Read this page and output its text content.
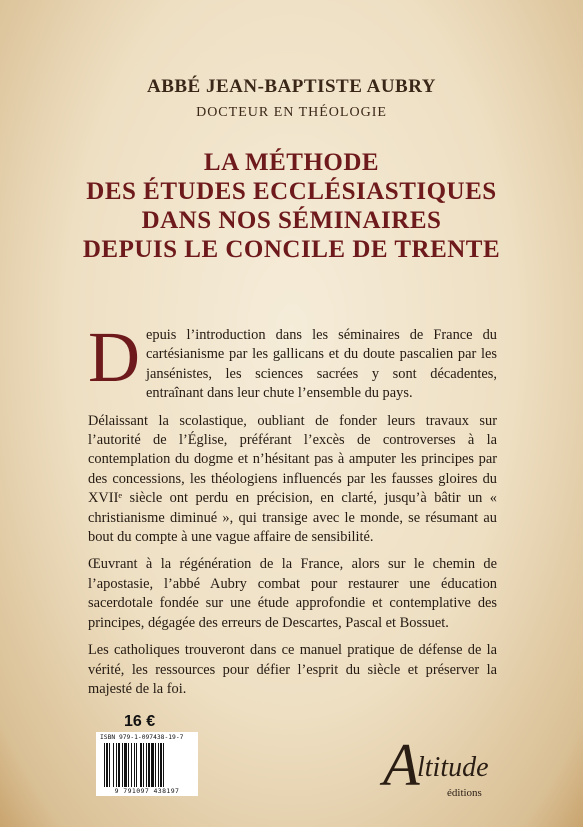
ABBÉ JEAN-BAPTISTE AUBRY
DOCTEUR EN THÉOLOGIE
LA MÉTHODE
DES ÉTUDES ECCLÉSIASTIQUES
DANS NOS SÉMINAIRES
DEPUIS LE CONCILE DE TRENTE

Depuis l’introduction dans les séminaires de France du cartésianisme par les gallicans et du doute pascalien par les jansénistes, les sciences sacrées y sont décadentes, entraînant dans leur chute l’ensemble du pays.

Délaissant la scolastique, oubliant de fonder leurs travaux sur l’autorité de l’Église, préférant l’excès de controverses à la contemplation du dogme et n’hésitant pas à amputer les principes par des concessions, les théologiens influencés par les fausses gloires du XVIIᵉ siècle ont perdu en précision, en clarté, jusqu’à bâtir un « christianisme diminué », qui transige avec le monde, se résumant au bout du compte à une vague affaire de sensibilité.

Œuvrant à la régénération de la France, alors sur le chemin de l’apostasie, l’abbé Aubry combat pour restaurer une éducation sacerdotale fondée sur une étude approfondie et contemplative des principes, dégagée des erreurs de Descartes, Pascal et Bossuet.

Les catholiques trouveront dans ce manuel pratique de défense de la vérité, les ressources pour défier l’esprit du siècle et préserver la majesté de la foi.

16 €
ISBN 979-1-097438-19-7
9 791097 438197	A
ltitude
éditions
